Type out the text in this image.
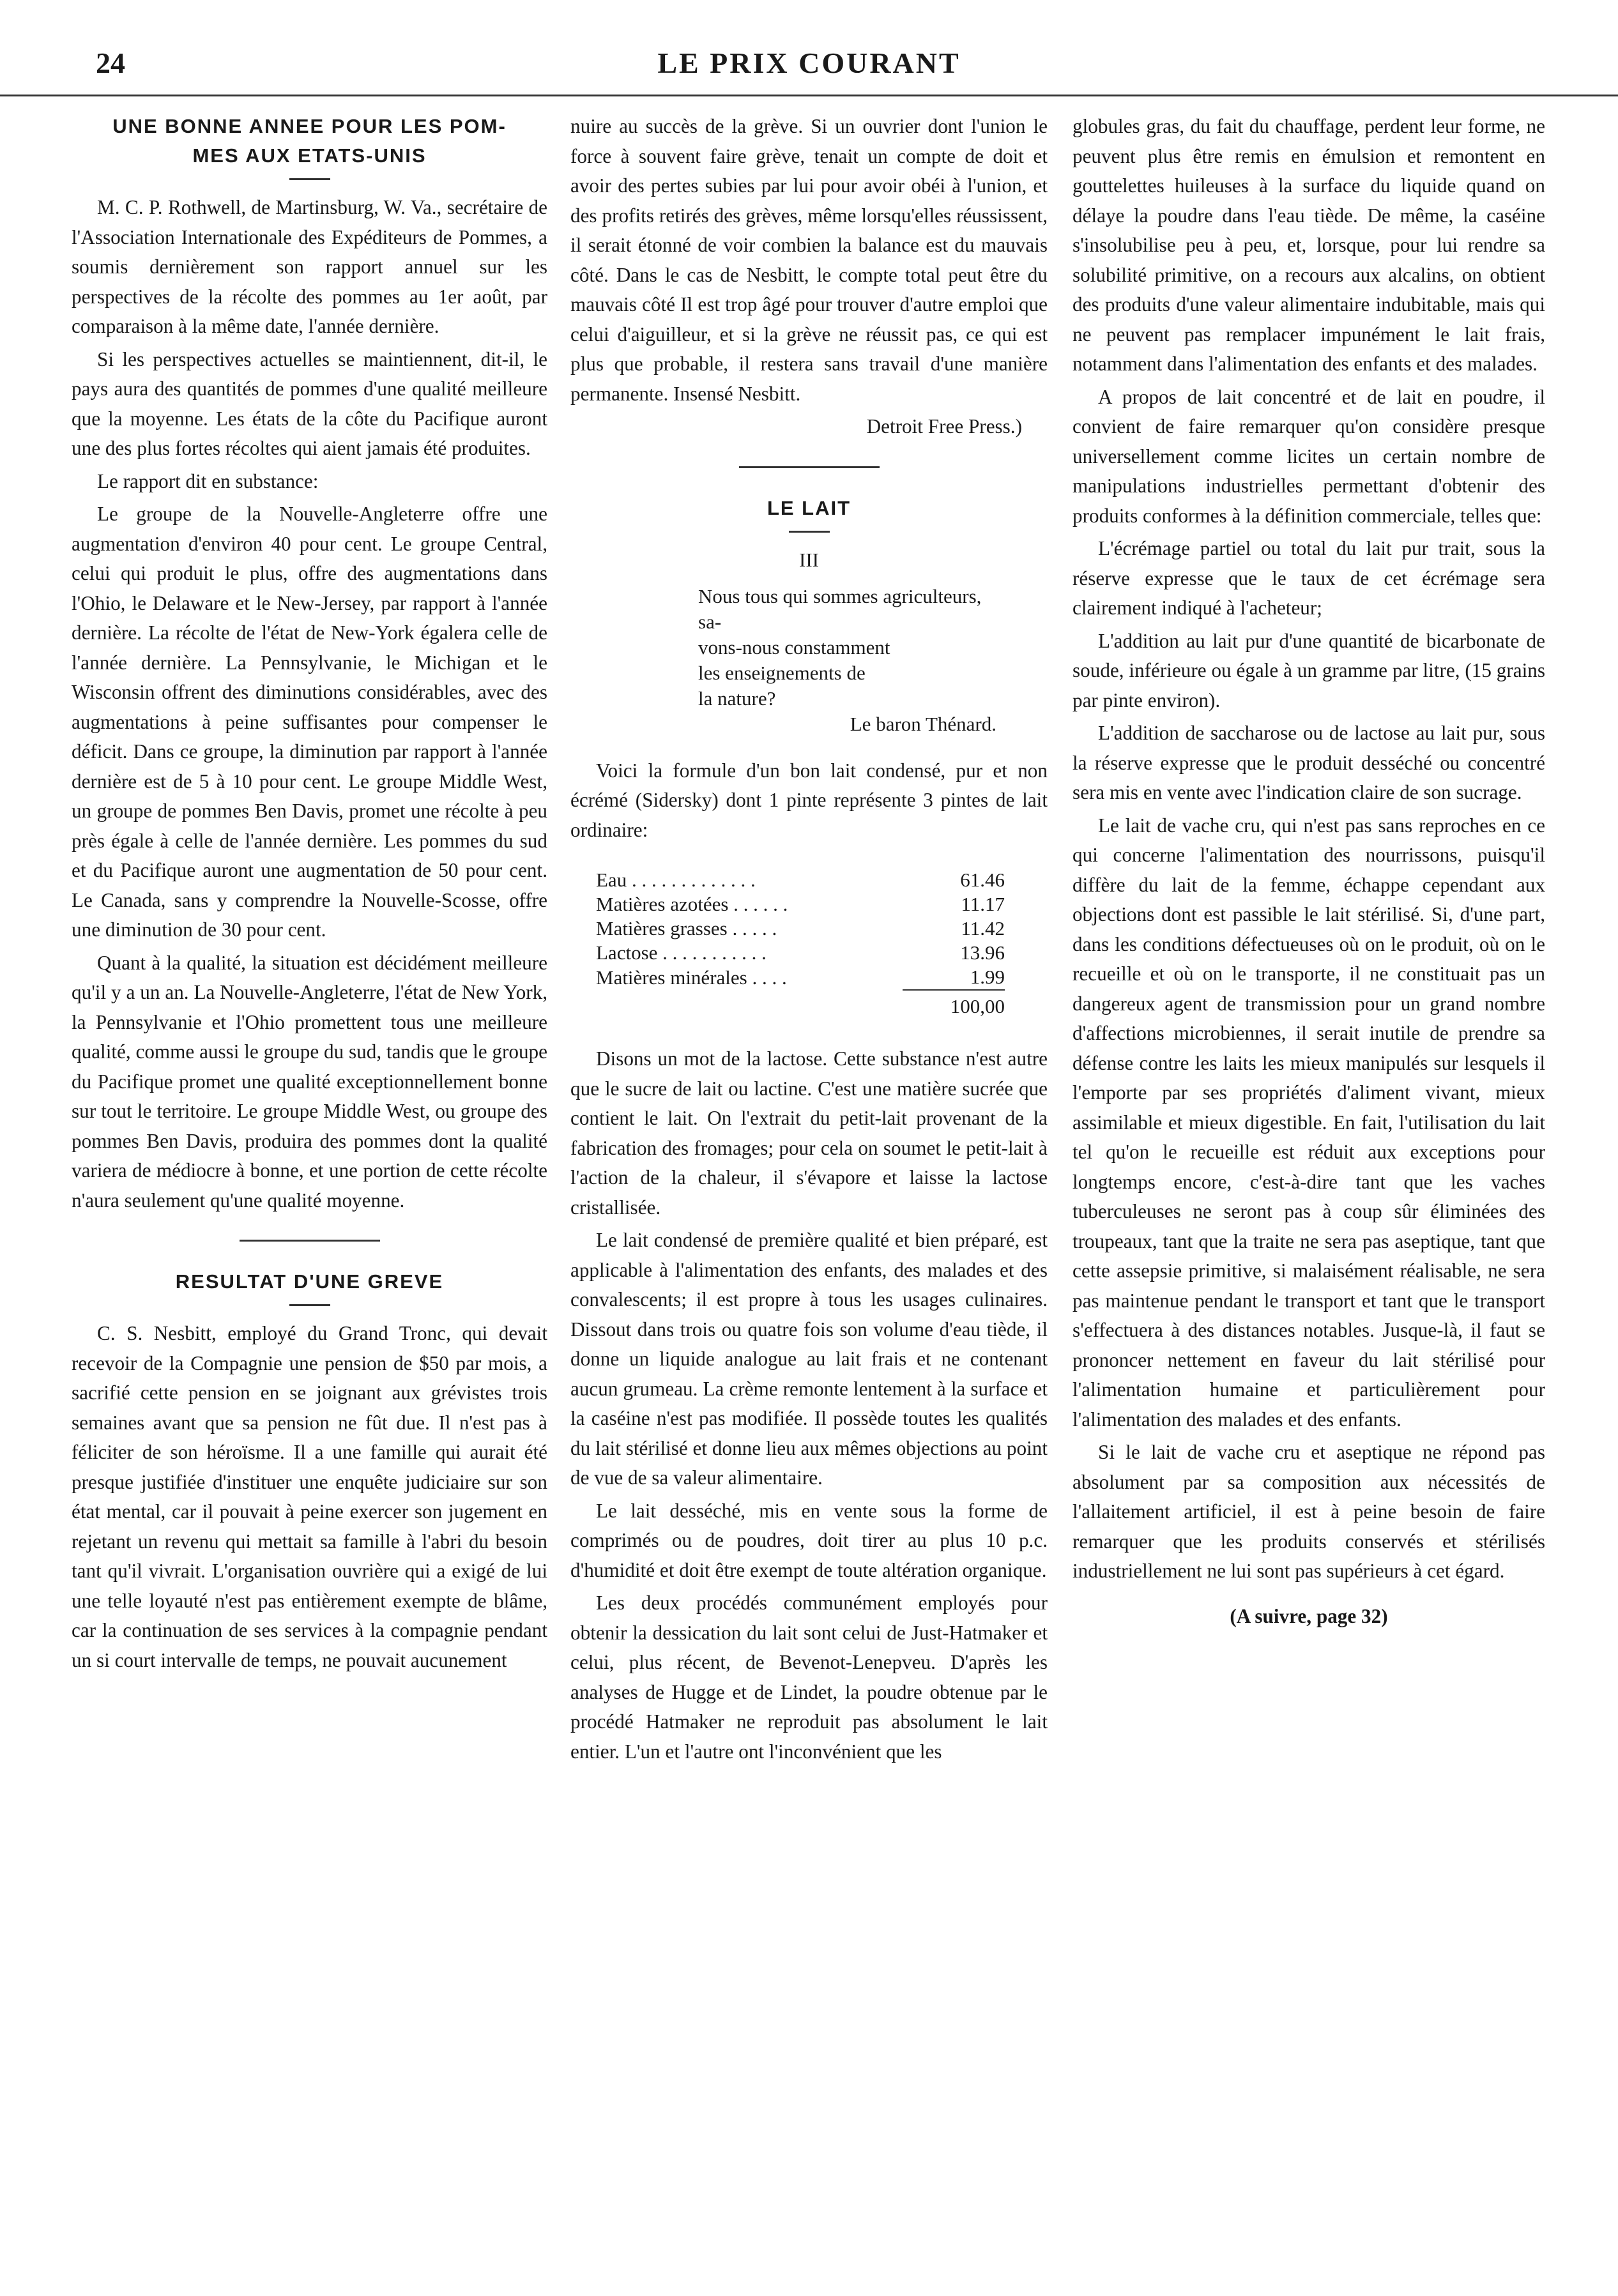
24	LE PRIX COURANT
UNE BONNE ANNEE POUR LES POM-
MES AUX ETATS-UNIS

M. C. P. Rothwell, de Martinsburg, W. Va., secrétaire de l'Association Internationale des Expéditeurs de Pommes, a soumis dernièrement son rapport annuel sur les perspectives de la récolte des pommes au 1er août, par comparaison à la même date, l'année dernière.

Si les perspectives actuelles se maintiennent, dit-il, le pays aura des quantités de pommes d'une qualité meilleure que la moyenne. Les états de la côte du Pacifique auront une des plus fortes récoltes qui aient jamais été produites.

Le rapport dit en substance:

Le groupe de la Nouvelle-Angleterre offre une augmentation d'environ 40 pour cent. Le groupe Central, celui qui produit le plus, offre des augmentations dans l'Ohio, le Delaware et le New-Jersey, par rapport à l'année dernière. La récolte de l'état de New-York égalera celle de l'année dernière. La Pennsylvanie, le Michigan et le Wisconsin offrent des diminutions considérables, avec des augmentations à peine suffisantes pour compenser le déficit. Dans ce groupe, la diminution par rapport à l'année dernière est de 5 à 10 pour cent. Le groupe Middle West, un groupe de pommes Ben Davis, promet une récolte à peu près égale à celle de l'année dernière. Les pommes du sud et du Pacifique auront une augmentation de 50 pour cent. Le Canada, sans y comprendre la Nouvelle-Scosse, offre une diminution de 30 pour cent.

Quant à la qualité, la situation est décidément meilleure qu'il y a un an. La Nouvelle-Angleterre, l'état de New York, la Pennsylvanie et l'Ohio promettent tous une meilleure qualité, comme aussi le groupe du sud, tandis que le groupe du Pacifique promet une qualité exceptionnellement bonne sur tout le territoire. Le groupe Middle West, ou groupe des pommes Ben Davis, produira des pommes dont la qualité variera de médiocre à bonne, et une portion de cette récolte n'aura seulement qu'une qualité moyenne.

RESULTAT D'UNE GREVE

C. S. Nesbitt, employé du Grand Tronc, qui devait recevoir de la Compagnie une pension de $50 par mois, a sacrifié cette pension en se joignant aux grévistes trois semaines avant que sa pension ne fût due. Il n'est pas à féliciter de son héroïsme. Il a une famille qui aurait été presque justifiée d'instituer une enquête judiciaire sur son état mental, car il pouvait à peine exercer son jugement en rejetant un revenu qui mettait sa famille à l'abri du besoin tant qu'il vivrait. L'organisation ouvrière qui a exigé de lui une telle loyauté n'est pas entièrement exempte de blâme, car la continuation de ses services à la compagnie pendant un si court intervalle de temps, ne pouvait aucunement

nuire au succès de la grève. Si un ouvrier dont l'union le force à souvent faire grève, tenait un compte de doit et avoir des pertes subies par lui pour avoir obéi à l'union, et des profits retirés des grèves, même lorsqu'elles réussissent, il serait étonné de voir combien la balance est du mauvais côté. Dans le cas de Nesbitt, le compte total peut être du mauvais côté Il est trop âgé pour trouver d'autre emploi que celui d'aiguilleur, et si la grève ne réussit pas, ce qui est plus que probable, il restera sans travail d'une manière permanente. Insensé Nesbitt.

Detroit Free Press.)

LE LAIT
III
Nous tous qui sommes agriculteurs, sa-
vons-nous constamment
les enseignements de
la nature?
Le baron Thénard.

Voici la formule d'un bon lait condensé, pur et non écrémé (Sidersky) dont 1 pinte représente 3 pintes de lait ordinaire:

Eau . . . . . . . . . . . . .	61.46
Matières azotées . . . . . .	11.17
Matières grasses . . . . .	11.42
Lactose . . . . . . . . . . .	13.96
Matières minérales . . . .	1.99
	100,00

Disons un mot de la lactose. Cette substance n'est autre que le sucre de lait ou lactine. C'est une matière sucrée que contient le lait. On l'extrait du petit-lait provenant de la fabrication des fromages; pour cela on soumet le petit-lait à l'action de la chaleur, il s'évapore et laisse la lactose cristallisée.

Le lait condensé de première qualité et bien préparé, est applicable à l'alimentation des enfants, des malades et des convalescents; il est propre à tous les usages culinaires. Dissout dans trois ou quatre fois son volume d'eau tiède, il donne un liquide analogue au lait frais et ne contenant aucun grumeau. La crème remonte lentement à la surface et la caséine n'est pas modifiée. Il possède toutes les qualités du lait stérilisé et donne lieu aux mêmes objections au point de vue de sa valeur alimentaire.

Le lait desséché, mis en vente sous la forme de comprimés ou de poudres, doit tirer au plus 10 p.c. d'humidité et doit être exempt de toute altération organique.

Les deux procédés communément employés pour obtenir la dessication du lait sont celui de Just-Hatmaker et celui, plus récent, de Bevenot-Lenepveu. D'après les analyses de Hugge et de Lindet, la poudre obtenue par le procédé Hatmaker ne reproduit pas absolument le lait entier. L'un et l'autre ont l'inconvénient que les

globules gras, du fait du chauffage, perdent leur forme, ne peuvent plus être remis en émulsion et remontent en gouttelettes huileuses à la surface du liquide quand on délaye la poudre dans l'eau tiède. De même, la caséine s'insolubilise peu à peu, et, lorsque, pour lui rendre sa solubilité primitive, on a recours aux alcalins, on obtient des produits d'une valeur alimentaire indubitable, mais qui ne peuvent pas remplacer impunément le lait frais, notamment dans l'alimentation des enfants et des malades.

A propos de lait concentré et de lait en poudre, il convient de faire remarquer qu'on considère presque universellement comme licites un certain nombre de manipulations industrielles permettant d'obtenir des produits conformes à la définition commerciale, telles que:

L'écrémage partiel ou total du lait pur trait, sous la réserve expresse que le taux de cet écrémage sera clairement indiqué à l'acheteur;

L'addition au lait pur d'une quantité de bicarbonate de soude, inférieure ou égale à un gramme par litre, (15 grains par pinte environ).

L'addition de saccharose ou de lactose au lait pur, sous la réserve expresse que le produit desséché ou concentré sera mis en vente avec l'indication claire de son sucrage.

Le lait de vache cru, qui n'est pas sans reproches en ce qui concerne l'alimentation des nourrissons, puisqu'il diffère du lait de la femme, échappe cependant aux objections dont est passible le lait stérilisé. Si, d'une part, dans les conditions défectueuses où on le produit, où on le recueille et où on le transporte, il ne constituait pas un dangereux agent de transmission pour un grand nombre d'affections microbiennes, il serait inutile de prendre sa défense contre les laits les mieux manipulés sur lesquels il l'emporte par ses propriétés d'aliment vivant, mieux assimilable et mieux digestible. En fait, l'utilisation du lait tel qu'on le recueille est réduit aux exceptions pour longtemps encore, c'est-à-dire tant que les vaches tuberculeuses ne seront pas à coup sûr éliminées des troupeaux, tant que la traite ne sera pas aseptique, tant que cette assepsie primitive, si malaisément réalisable, ne sera pas maintenue pendant le transport et tant que le transport s'effectuera à des distances notables. Jusque-là, il faut se prononcer nettement en faveur du lait stérilisé pour l'alimentation humaine et particulièrement pour l'alimentation des malades et des enfants.

Si le lait de vache cru et aseptique ne répond pas absolument par sa composition aux nécessités de l'allaitement artificiel, il est à peine besoin de faire remarquer que les produits conservés et stérilisés industriellement ne lui sont pas supérieurs à cet égard.

(A suivre, page 32)
